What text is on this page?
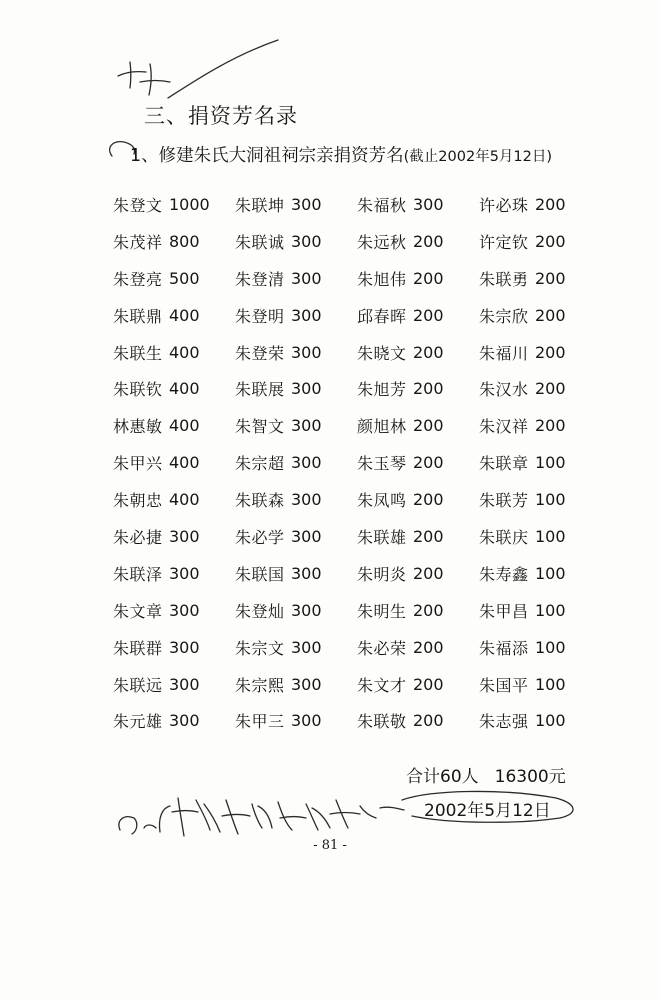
三、捐资芳名录
1、修建朱氏大洞祖祠宗亲捐资芳名(截止2002年5月12日)
朱登文 1000 朱联坤 300 朱福秋 300 许必珠 200
朱茂祥 800 朱联诚 300 朱远秋 200 许定钦 200
朱登亮 500 朱登清 300 朱旭伟 200 朱联勇 200
朱联鼎 400 朱登明 300 邱春晖 200 朱宗欣 200
朱联生 400 朱登荣 300 朱晓文 200 朱福川 200
朱联钦 400 朱联展 300 朱旭芳 200 朱汉水 200
林惠敏 400 朱智文 300 颜旭林 200 朱汉祥 200
朱甲兴 400 朱宗超 300 朱玉琴 200 朱联章 100
朱朝忠 400 朱联森 300 朱凤鸣 200 朱联芳 100
朱必捷 300 朱必学 300 朱联雄 200 朱联庆 100
朱联泽 300 朱联国 300 朱明炎 200 朱寿鑫 100
朱文章 300 朱登灿 300 朱明生 200 朱甲昌 100
朱联群 300 朱宗文 300 朱必荣 200 朱福添 100
朱联远 300 朱宗熙 300 朱文才 200 朱国平 100
朱元雄 300 朱甲三 300 朱联敬 200 朱志强 100
合计60人 16300元
2002年5月12日
- 81 -
